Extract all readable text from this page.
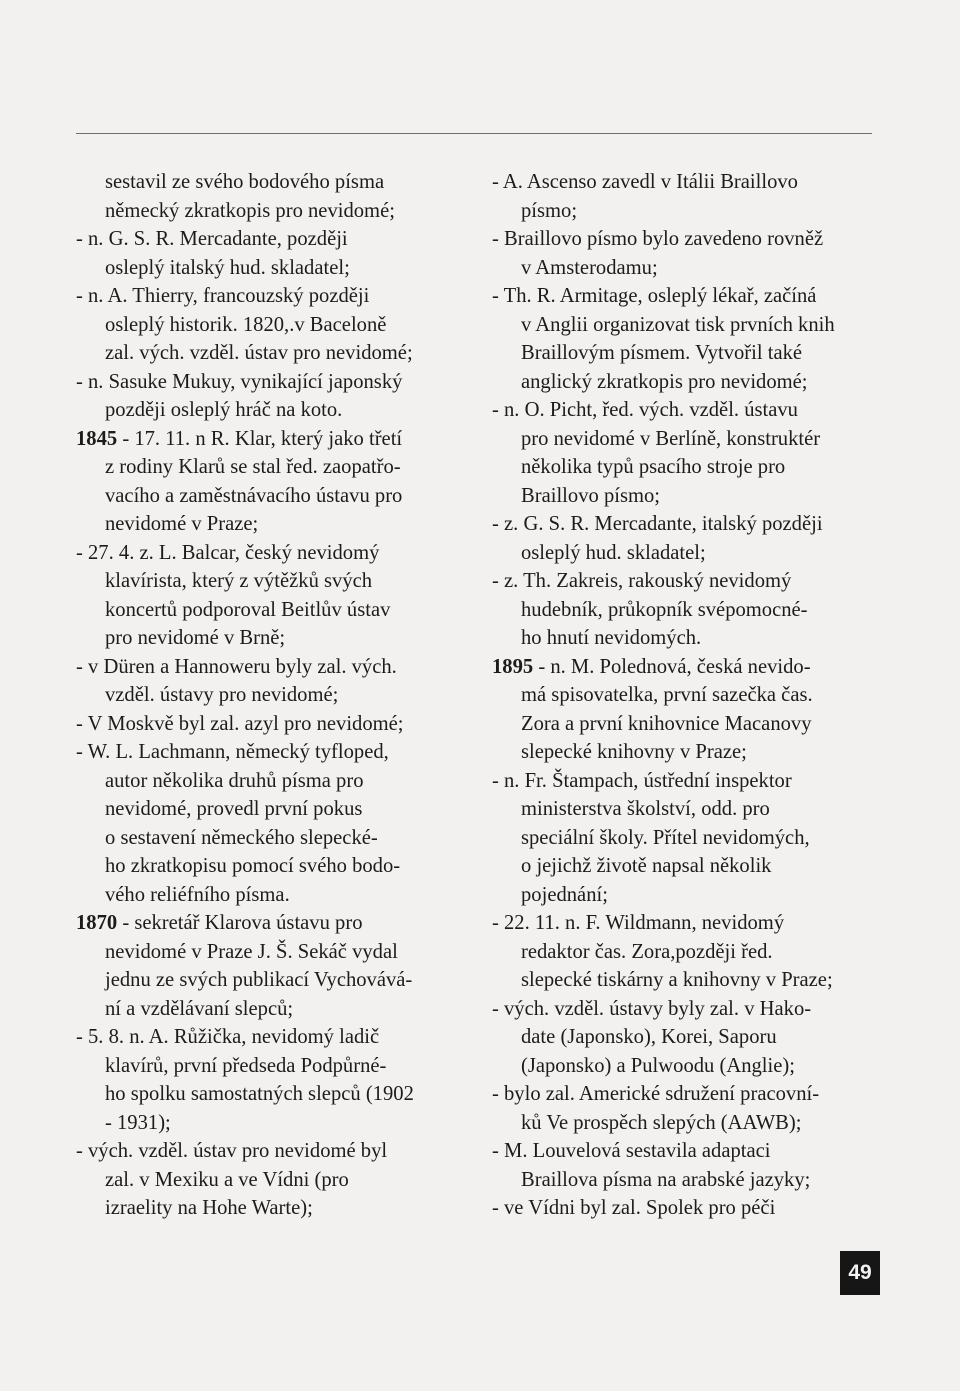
sestavil ze svého bodového písma
německý zkratkopis pro nevidomé;
- n. G. S. R. Mercadante, později
osleplý italský hud. skladatel;
- n. A. Thierry, francouzský později
osleplý historik. 1820,.v Baceloně
zal. vých. vzděl. ústav pro nevidomé;
- n. Sasuke Mukuy, vynikající japonský
později osleplý hráč na koto.
1845 - 17. 11. n R. Klar, který jako třetí
z rodiny Klarů se stal řed. zaopatřo-
vacího a zaměstnávacího ústavu pro
nevidomé v Praze;
- 27. 4. z. L. Balcar, český nevidomý
klavírista, který z výtěžků svých
koncertů podporoval Beitlův ústav
pro nevidomé v Brně;
- v Düren a Hannoweru byly zal. vých.
vzděl. ústavy pro nevidomé;
- V Moskvě byl zal. azyl pro nevidomé;
- W. L. Lachmann, německý tyfloped,
autor několika druhů písma pro
nevidomé, provedl první pokus
o sestavení německého slepecké-
ho zkratkopisu pomocí svého bodo-
vého reliéfního písma.
1870 - sekretář Klarova ústavu pro
nevidomé v Praze J. Š. Sekáč vydal
jednu ze svých publikací Vychovává-
ní a vzdělávaní slepců;
- 5. 8. n. A. Růžička, nevidomý ladič
klavírů, první předseda Podpůrné-
ho spolku samostatných slepců (1902
- 1931);
- vých. vzděl. ústav pro nevidomé byl
zal. v Mexiku a ve Vídni (pro
izraelity na Hohe Warte);
- A. Ascenso zavedl v Itálii Braillovo
písmo;
- Braillovo písmo bylo zavedeno rovněž
v Amsterodamu;
- Th. R. Armitage, osleplý lékař, začíná
v Anglii organizovat tisk prvních knih
Braillovým písmem. Vytvořil také
anglický zkratkopis pro nevidomé;
- n. O. Picht, řed. vých. vzděl. ústavu
pro nevidomé v Berlíně, konstruktér
několika typů psacího stroje pro
Braillovo písmo;
- z. G. S. R. Mercadante, italský později
osleplý hud. skladatel;
- z. Th. Zakreis, rakouský nevidomý
hudebník, průkopník svépomocné-
ho hnutí nevidomých.
1895 - n. M. Polednová, česká nevido-
má spisovatelka, první sazečka čas.
Zora a první knihovnice Macanovy
slepecké knihovny v Praze;
- n. Fr. Štampach, ústřední inspektor
ministerstva školství, odd. pro
speciální školy. Přítel nevidomých,
o jejichž životě napsal několik
pojednání;
- 22. 11. n. F. Wildmann, nevidomý
redaktor čas. Zora,později řed.
slepecké tiskárny a knihovny v Praze;
- vých. vzděl. ústavy byly zal. v Hako-
date (Japonsko), Korei, Saporu
(Japonsko) a Pulwoodu (Anglie);
- bylo zal. Americké sdružení pracovní-
ků Ve prospěch slepých (AAWB);
- M. Louvelová sestavila adaptaci
Braillova písma na arabské jazyky;
- ve Vídni byl zal. Spolek pro péči
49
